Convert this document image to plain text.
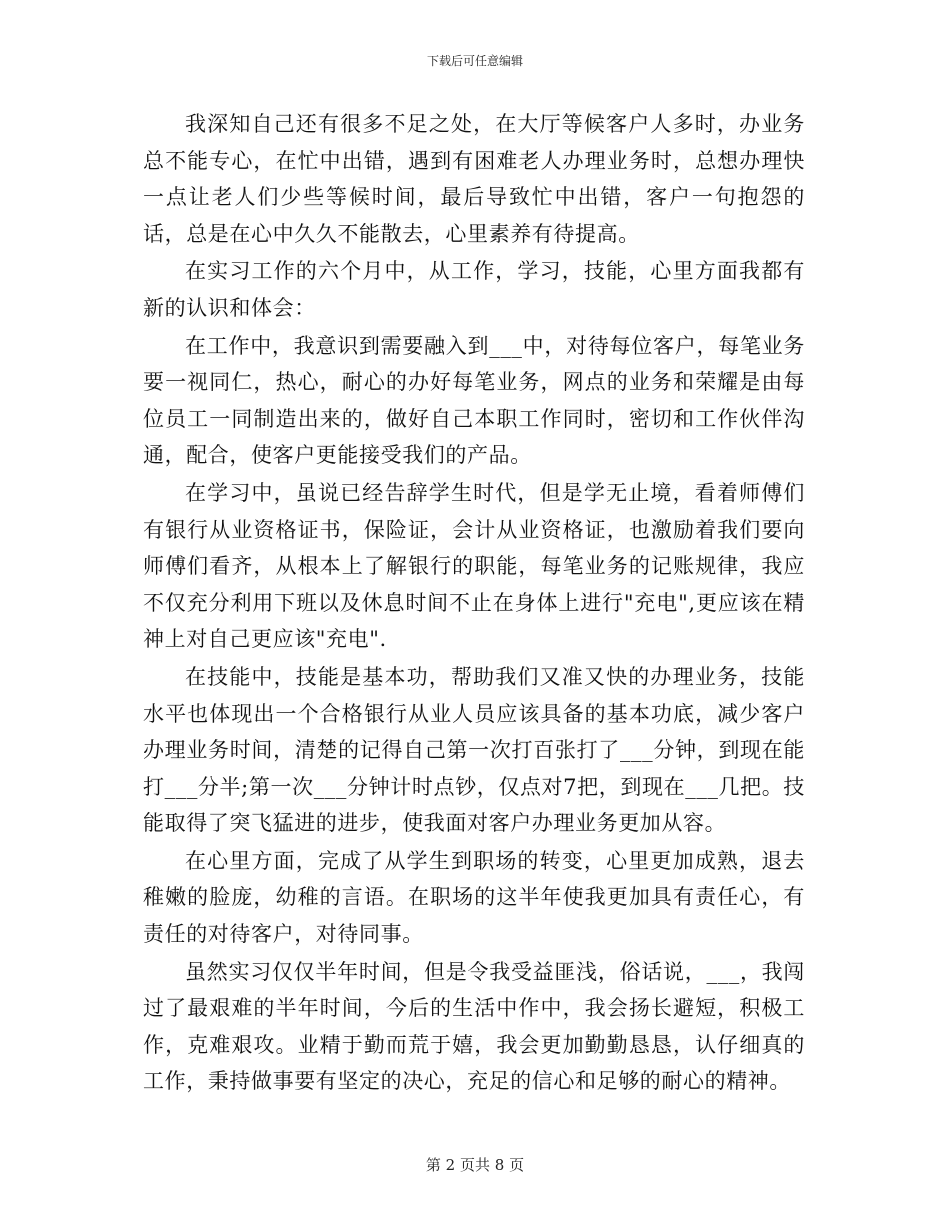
下载后可任意编辑

我深知自己还有很多不足之处，在大厅等候客户人多时，办业务总不能专心，在忙中出错，遇到有困难老人办理业务时，总想办理快一点让老人们少些等候时间，最后导致忙中出错，客户一句抱怨的话，总是在心中久久不能散去，心里素养有待提高。

在实习工作的六个月中，从工作，学习，技能，心里方面我都有新的认识和体会：

在工作中，我意识到需要融入到___中，对待每位客户，每笔业务要一视同仁，热心，耐心的办好每笔业务，网点的业务和荣耀是由每位员工一同制造出来的，做好自己本职工作同时，密切和工作伙伴沟通，配合，使客户更能接受我们的产品。

在学习中，虽说已经告辞学生时代，但是学无止境，看着师傅们有银行从业资格证书，保险证，会计从业资格证，也激励着我们要向师傅们看齐，从根本上了解银行的职能，每笔业务的记账规律，我应不仅充分利用下班以及休息时间不止在身体上进行"充电",更应该在精神上对自己更应该"充电".

在技能中，技能是基本功，帮助我们又准又快的办理业务，技能水平也体现出一个合格银行从业人员应该具备的基本功底，减少客户办理业务时间，清楚的记得自己第一次打百张打了___分钟，到现在能打___分半;第一次___分钟计时点钞，仅点对7把，到现在___几把。技能取得了突飞猛进的进步，使我面对客户办理业务更加从容。

在心里方面，完成了从学生到职场的转变，心里更加成熟，退去稚嫩的脸庞，幼稚的言语。在职场的这半年使我更加具有责任心，有责任的对待客户，对待同事。

虽然实习仅仅半年时间，但是令我受益匪浅，俗话说，___，我闯过了最艰难的半年时间，今后的生活中作中，我会扬长避短，积极工作，克难艰攻。业精于勤而荒于嬉，我会更加勤勤恳恳，认仔细真的工作，秉持做事要有坚定的决心，充足的信心和足够的耐心的精神。

第 2 页共 8 页
